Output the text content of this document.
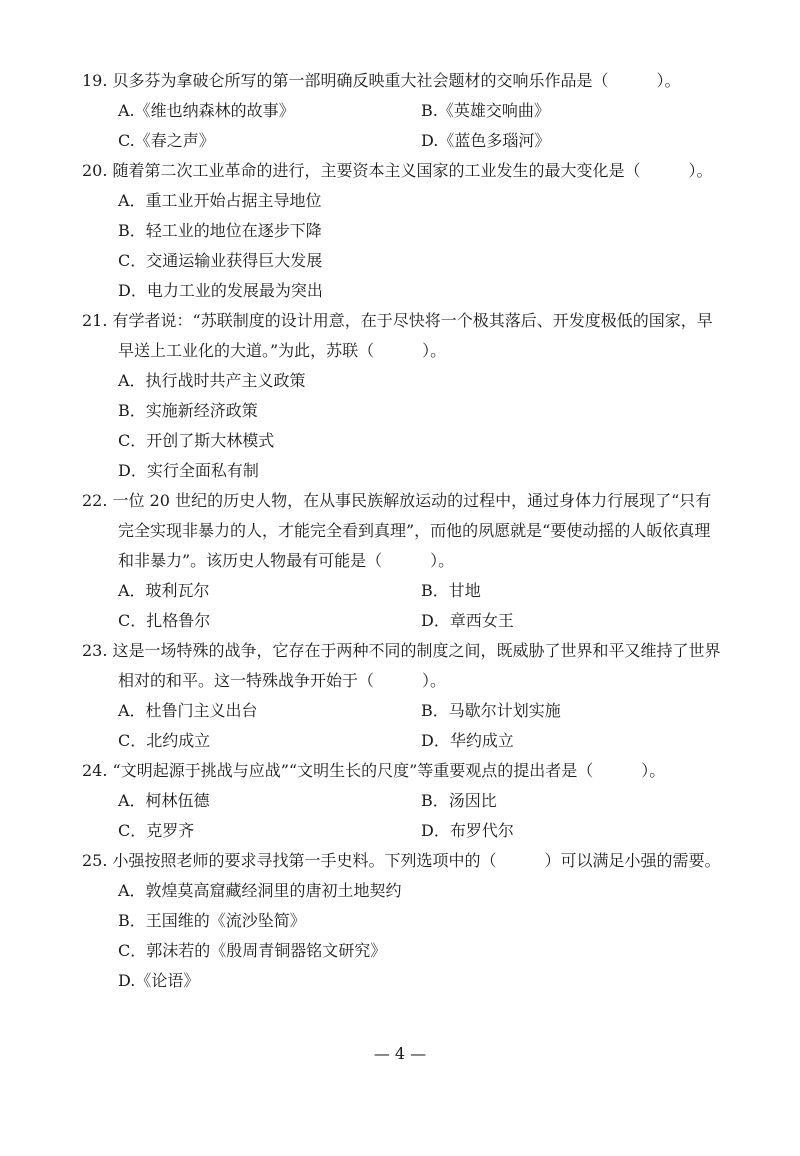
19. 贝多芬为拿破仑所写的第一部明确反映重大社会题材的交响乐作品是（　　　）。
A.《维也纳森林的故事》	B.《英雄交响曲》
C.《春之声》	D.《蓝色多瑙河》
20. 随着第二次工业革命的进行，主要资本主义国家的工业发生的最大变化是（　　　）。
A．重工业开始占据主导地位
B．轻工业的地位在逐步下降
C．交通运输业获得巨大发展
D．电力工业的发展最为突出
21. 有学者说：“苏联制度的设计用意，在于尽快将一个极其落后、开发度极低的国家，早
早送上工业化的大道。”为此，苏联（　　　）。
A．执行战时共产主义政策
B．实施新经济政策
C．开创了斯大林模式
D．实行全面私有制
22. 一位 20 世纪的历史人物，在从事民族解放运动的过程中，通过身体力行展现了“只有
完全实现非暴力的人，才能完全看到真理”，而他的夙愿就是“要使动摇的人皈依真理
和非暴力”。该历史人物最有可能是（　　　）。
A．玻利瓦尔	B．甘地
C．扎格鲁尔	D．章西女王
23. 这是一场特殊的战争，它存在于两种不同的制度之间，既威胁了世界和平又维持了世界
相对的和平。这一特殊战争开始于（　　　）。
A．杜鲁门主义出台	B．马歇尔计划实施
C．北约成立	D．华约成立
24. “文明起源于挑战与应战”“文明生长的尺度”等重要观点的提出者是（　　　）。
A．柯林伍德	B．汤因比
C．克罗齐	D．布罗代尔
25. 小强按照老师的要求寻找第一手史料。下列选项中的（　　　）可以满足小强的需要。
A．敦煌莫高窟藏经洞里的唐初土地契约
B．王国维的《流沙坠简》
C．郭沫若的《殷周青铜器铭文研究》
D.《论语》
— 4 —
